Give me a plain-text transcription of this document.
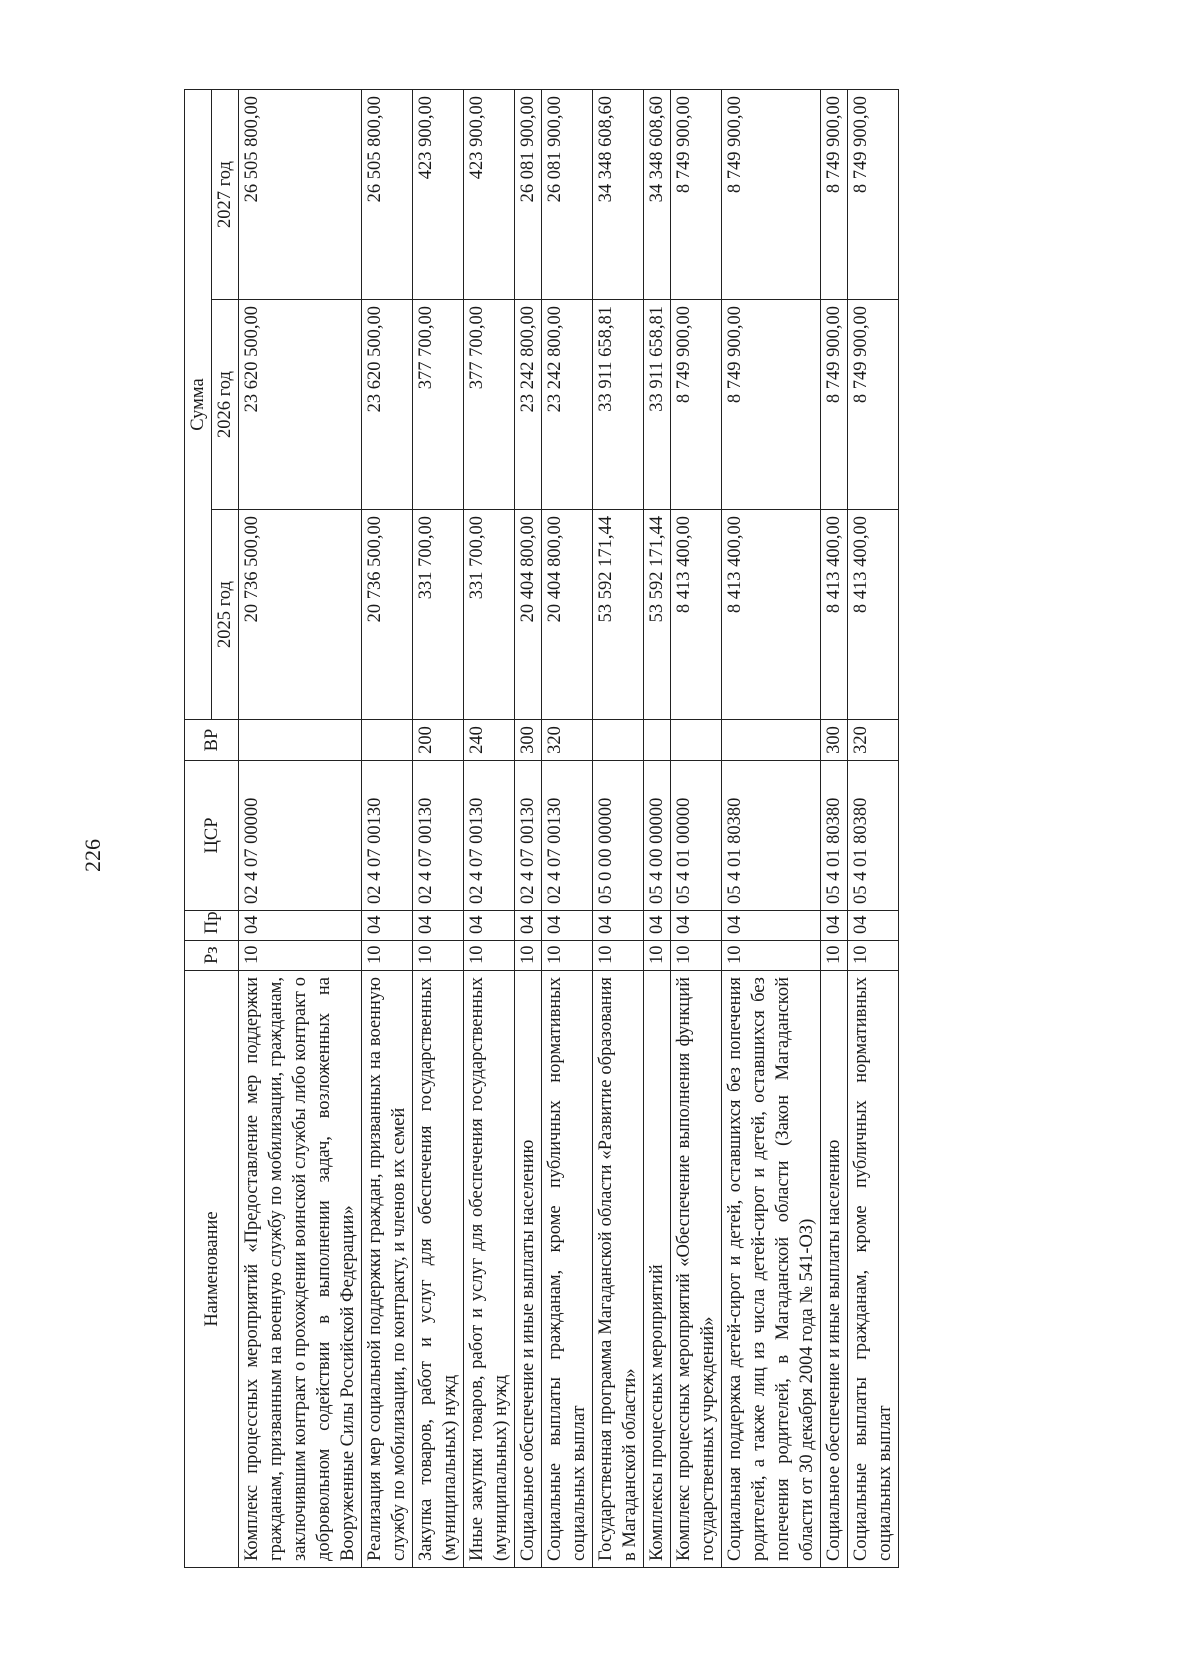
226
Наименование	Рз	Пр	ЦСР	ВР	Сумма		
					2025 год	2026 год	2027 год
Комплекс процессных мероприятий «Предоставление мер поддержки гражданам, призванным на военную службу по мобилизации, гражданам, заключившим контракт о прохождении воинской службы либо контракт о добровольном содействии в выполнении задач, возложенных на Вооруженные Силы Российской Федерации»	10	04	02 4 07 00000		20 736 500,00	23 620 500,00	26 505 800,00
Реализация мер социальной поддержки граждан, призванных на военную службу по мобилизации, по контракту, и членов их семей	10	04	02 4 07 00130		20 736 500,00	23 620 500,00	26 505 800,00
Закупка товаров, работ и услуг для обеспечения государственных (муниципальных) нужд	10	04	02 4 07 00130	200	331 700,00	377 700,00	423 900,00
Иные закупки товаров, работ и услуг для обеспечения государственных (муниципальных) нужд	10	04	02 4 07 00130	240	331 700,00	377 700,00	423 900,00
Социальное обеспечение и иные выплаты населению	10	04	02 4 07 00130	300	20 404 800,00	23 242 800,00	26 081 900,00
Социальные выплаты гражданам, кроме публичных нормативных социальных выплат	10	04	02 4 07 00130	320	20 404 800,00	23 242 800,00	26 081 900,00
Государственная программа Магаданской области «Развитие образования в Магаданской области»	10	04	05 0 00 00000		53 592 171,44	33 911 658,81	34 348 608,60
Комплексы процессных мероприятий	10	04	05 4 00 00000		53 592 171,44	33 911 658,81	34 348 608,60
Комплекс процессных мероприятий «Обеспечение выполнения функций государственных учреждений»	10	04	05 4 01 00000		8 413 400,00	8 749 900,00	8 749 900,00
Социальная поддержка детей-сирот и детей, оставшихся без попечения родителей, а также лиц из числа детей-сирот и детей, оставшихся без попечения родителей, в Магаданской области (Закон Магаданской области от 30 декабря 2004 года № 541-ОЗ)	10	04	05 4 01 80380		8 413 400,00	8 749 900,00	8 749 900,00
Социальное обеспечение и иные выплаты населению	10	04	05 4 01 80380	300	8 413 400,00	8 749 900,00	8 749 900,00
Социальные выплаты гражданам, кроме публичных нормативных социальных выплат	10	04	05 4 01 80380	320	8 413 400,00	8 749 900,00	8 749 900,00
